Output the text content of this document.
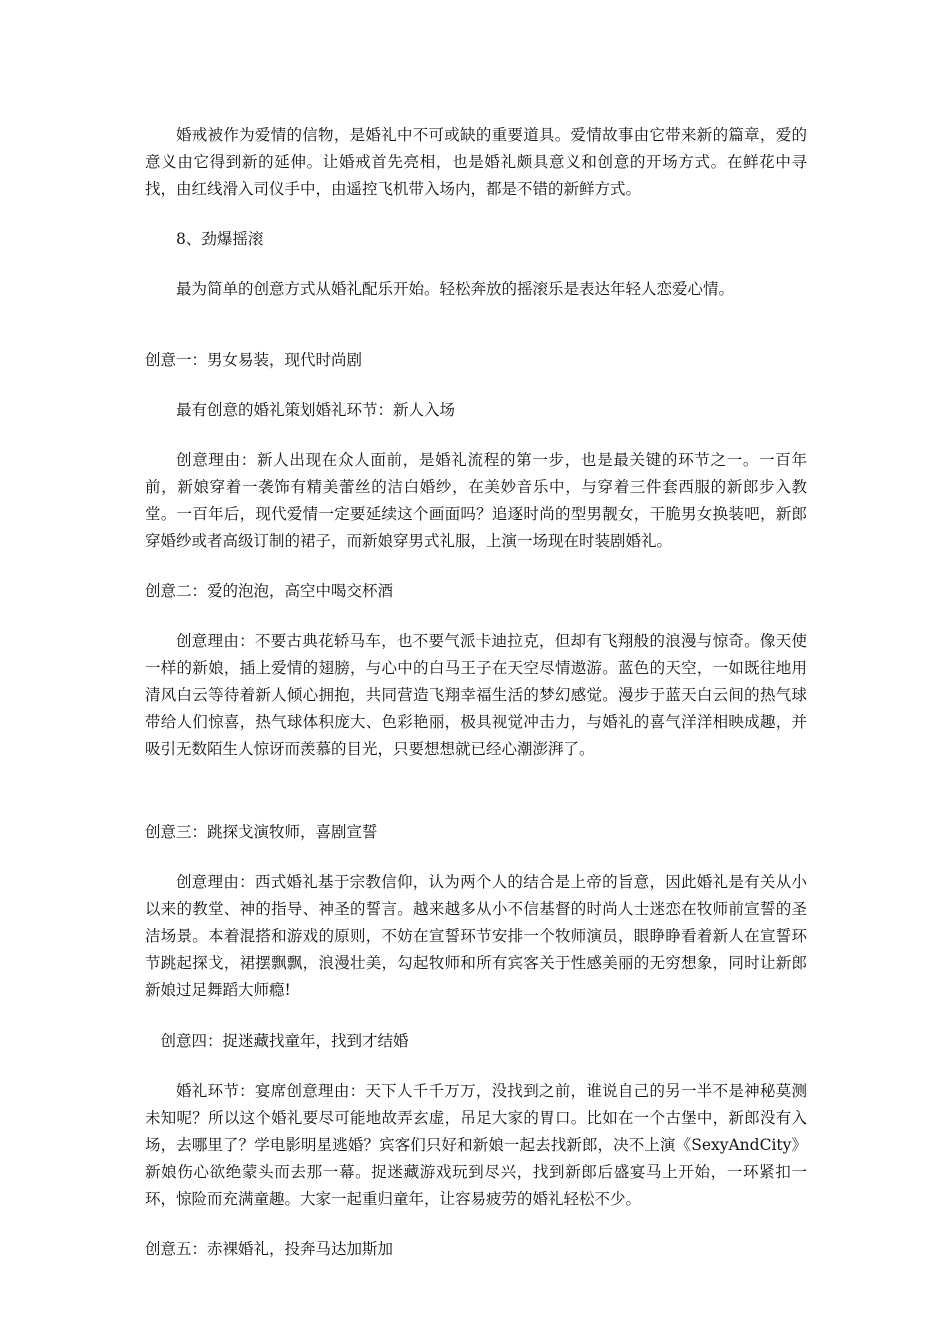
婚戒被作为爱情的信物，是婚礼中不可或缺的重要道具。爱情故事由它带来新的篇章，爱的意义由它得到新的延伸。让婚戒首先亮相，也是婚礼颇具意义和创意的开场方式。在鲜花中寻找，由红线滑入司仪手中，由遥控飞机带入场内，都是不错的新鲜方式。

8、劲爆摇滚

最为简单的创意方式从婚礼配乐开始。轻松奔放的摇滚乐是表达年轻人恋爱心情。

创意一：男女易装，现代时尚剧

最有创意的婚礼策划婚礼环节：新人入场

创意理由：新人出现在众人面前，是婚礼流程的第一步，也是最关键的环节之一。一百年前，新娘穿着一袭饰有精美蕾丝的洁白婚纱，在美妙音乐中，与穿着三件套西服的新郎步入教堂。一百年后，现代爱情一定要延续这个画面吗？追逐时尚的型男靓女，干脆男女换装吧，新郎穿婚纱或者高级订制的裙子，而新娘穿男式礼服，上演一场现在时装剧婚礼。

创意二：爱的泡泡，高空中喝交杯酒

创意理由：不要古典花轿马车，也不要气派卡迪拉克，但却有飞翔般的浪漫与惊奇。像天使一样的新娘，插上爱情的翅膀，与心中的白马王子在天空尽情遨游。蓝色的天空，一如既往地用清风白云等待着新人倾心拥抱，共同营造飞翔幸福生活的梦幻感觉。漫步于蓝天白云间的热气球带给人们惊喜，热气球体积庞大、色彩艳丽，极具视觉冲击力，与婚礼的喜气洋洋相映成趣，并吸引无数陌生人惊讶而羡慕的目光，只要想想就已经心潮澎湃了。

创意三：跳探戈演牧师，喜剧宣誓

创意理由：西式婚礼基于宗教信仰，认为两个人的结合是上帝的旨意，因此婚礼是有关从小以来的教堂、神的指导、神圣的誓言。越来越多从小不信基督的时尚人士迷恋在牧师前宣誓的圣洁场景。本着混搭和游戏的原则，不妨在宣誓环节安排一个牧师演员，眼睁睁看着新人在宣誓环节跳起探戈，裙摆飘飘，浪漫壮美，勾起牧师和所有宾客关于性感美丽的无穷想象，同时让新郎新娘过足舞蹈大师瘾!

创意四：捉迷藏找童年，找到才结婚

婚礼环节：宴席创意理由：天下人千千万万，没找到之前，谁说自己的另一半不是神秘莫测未知呢？所以这个婚礼要尽可能地故弄玄虚，吊足大家的胃口。比如在一个古堡中，新郎没有入场，去哪里了？学电影明星逃婚？宾客们只好和新娘一起去找新郎，决不上演《SexyAndCity》新娘伤心欲绝蒙头而去那一幕。捉迷藏游戏玩到尽兴，找到新郎后盛宴马上开始，一环紧扣一环，惊险而充满童趣。大家一起重归童年，让容易疲劳的婚礼轻松不少。

创意五：赤裸婚礼，投奔马达加斯加
